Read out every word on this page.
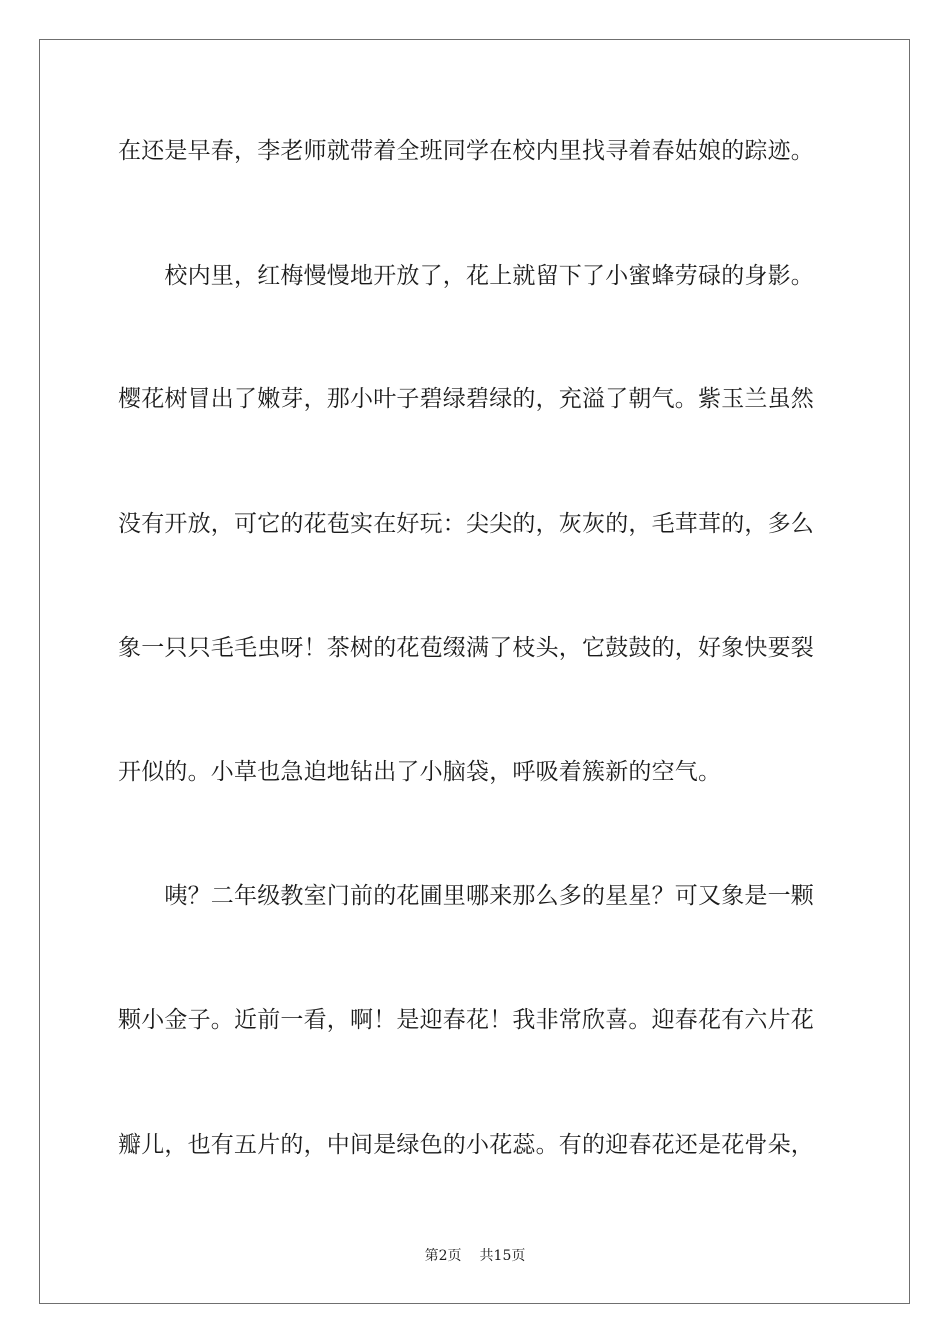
在还是早春，李老师就带着全班同学在校内里找寻着春姑娘的踪迹。
　　校内里，红梅慢慢地开放了，花上就留下了小蜜蜂劳碌的身影。
樱花树冒出了嫩芽，那小叶子碧绿碧绿的，充溢了朝气。紫玉兰虽然
没有开放，可它的花苞实在好玩：尖尖的，灰灰的，毛茸茸的，多么
象一只只毛毛虫呀！茶树的花苞缀满了枝头，它鼓鼓的，好象快要裂
开似的。小草也急迫地钻出了小脑袋，呼吸着簇新的空气。
　　咦？二年级教室门前的花圃里哪来那么多的星星？可又象是一颗
颗小金子。近前一看，啊！是迎春花！我非常欣喜。迎春花有六片花
瓣儿，也有五片的，中间是绿色的小花蕊。有的迎春花还是花骨朵，
第2页 共15页
